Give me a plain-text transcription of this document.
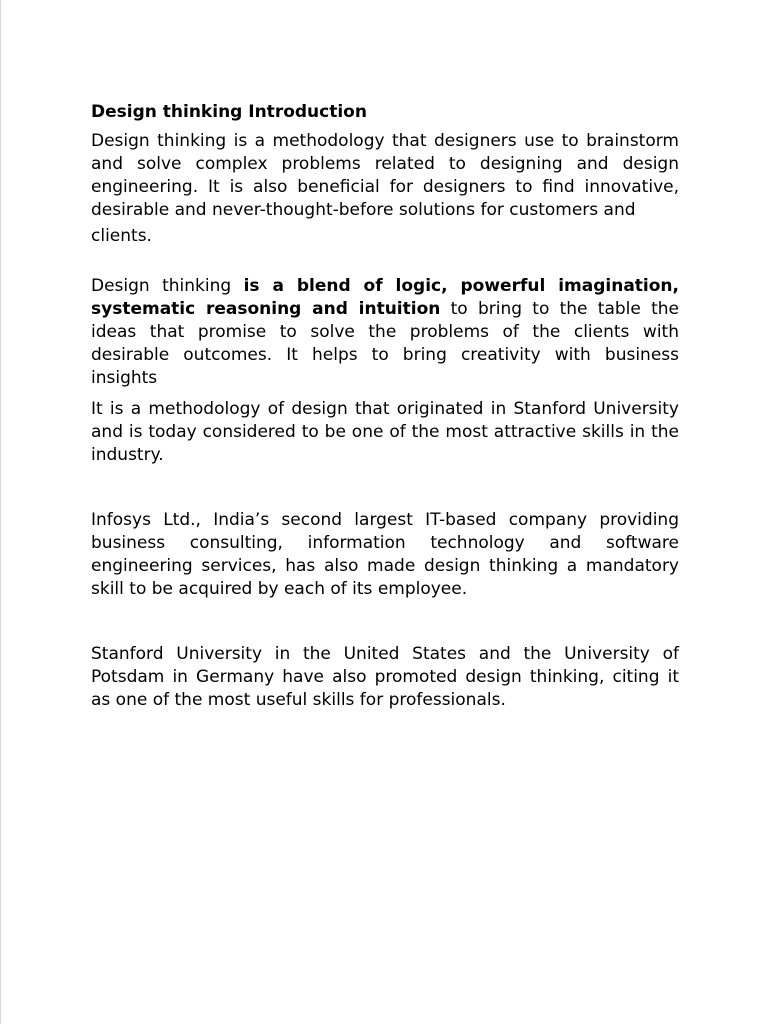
Design thinking Introduction

Design thinking is a methodology that designers use to brainstorm and solve complex problems related to designing and design engineering. It is also beneficial for designers to find innovative, desirable and never-thought-before solutions for customers and
clients.

Design thinking is a blend of logic, powerful imagination, systematic reasoning and intuition to bring to the table the ideas that promise to solve the problems of the clients with desirable outcomes. It helps to bring creativity with business insights

It is a methodology of design that originated in Stanford University and is today considered to be one of the most attractive skills in the industry.

Infosys Ltd., India’s second largest IT-based company providing business consulting, information technology and software engineering services, has also made design thinking a mandatory skill to be acquired by each of its employee.

Stanford University in the United States and the University of Potsdam in Germany have also promoted design thinking, citing it as one of the most useful skills for professionals.
